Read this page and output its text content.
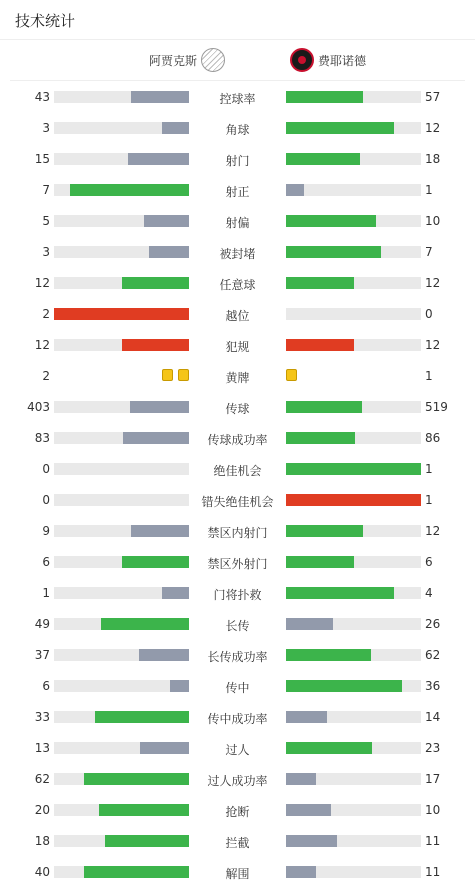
技术统计
阿贾克斯	费耶诺德
43	控球率	57
3	角球	12
15	射门	18
7	射正	1
5	射偏	10
3	被封堵	7
12	任意球	12
2	越位	0
12	犯规	12
2	黄牌	1
403	传球	519
83	传球成功率	86
0	绝佳机会	1
0	错失绝佳机会	1
9	禁区内射门	12
6	禁区外射门	6
1	门将扑救	4
49	长传	26
37	长传成功率	62
6	传中	36
33	传中成功率	14
13	过人	23
62	过人成功率	17
20	抢断	10
18	拦截	11
40	解围	11
